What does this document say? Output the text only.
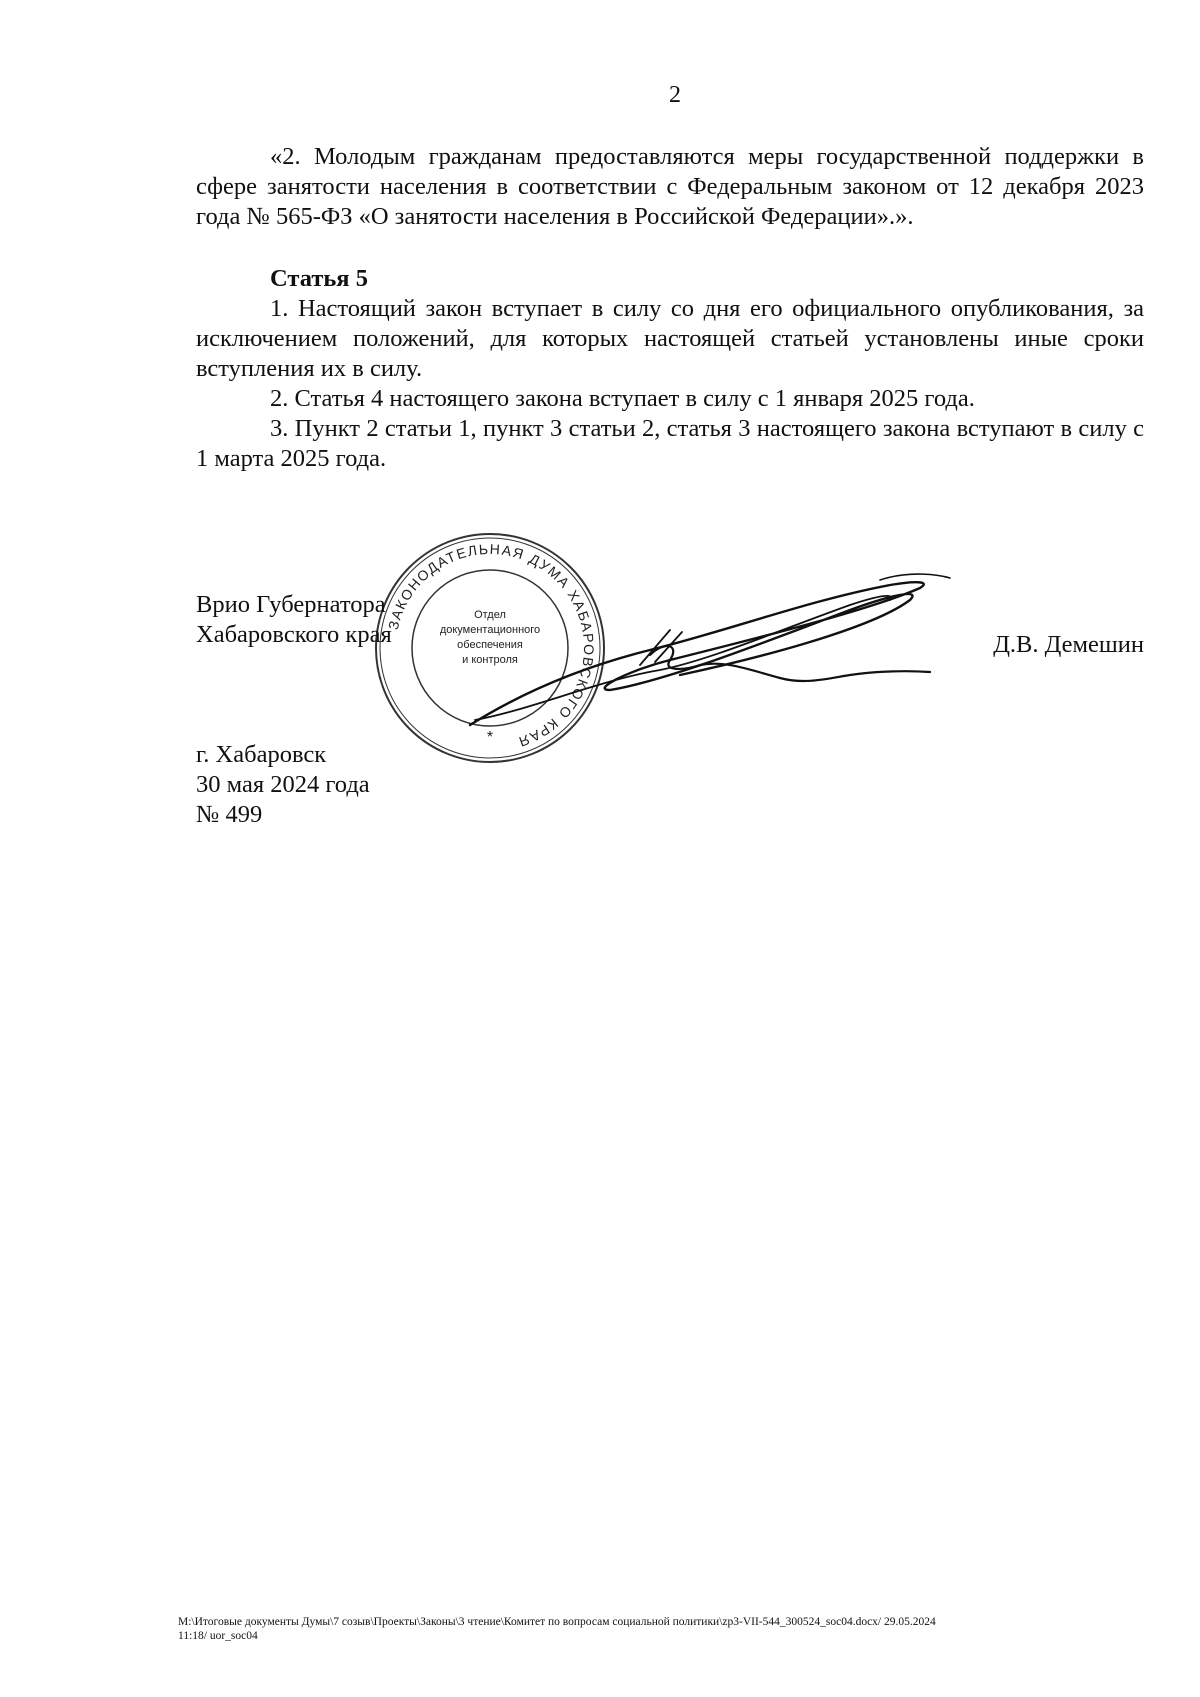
2

«2. Молодым гражданам предоставляются меры государственной поддержки в сфере занятости населения в соответствии с Федеральным законом от 12 декабря 2023 года № 565-ФЗ «О занятости населения в Российской Федерации».».

Статья 5

1. Настоящий закон вступает в силу со дня его официального опубликования, за исключением положений, для которых настоящей статьей установлены иные сроки вступления их в силу.

2. Статья 4 настоящего закона вступает в силу с 1 января 2025 года.

3. Пункт 2 статьи 1, пункт 3 статьи 2, статья 3 настоящего закона вступают в силу с 1 марта 2025 года.

ЗАКОНОДАТЕЛЬНАЯ ДУМА ХАБАРОВСКОГО КРАЯ
Отдел
документационного
обеспечения
и контроля
*
Врио Губернатора
Хабаровского края	Д.В. Демешин
г. Хабаровск
30 мая 2024 года
№ 499
M:\Итоговые документы Думы\7 созыв\Проекты\Законы\3 чтение\Комитет по вопросам социальной политики\zp3-VII-544_300524_soc04.docx/ 29.05.2024
11:18/ uor_soc04
